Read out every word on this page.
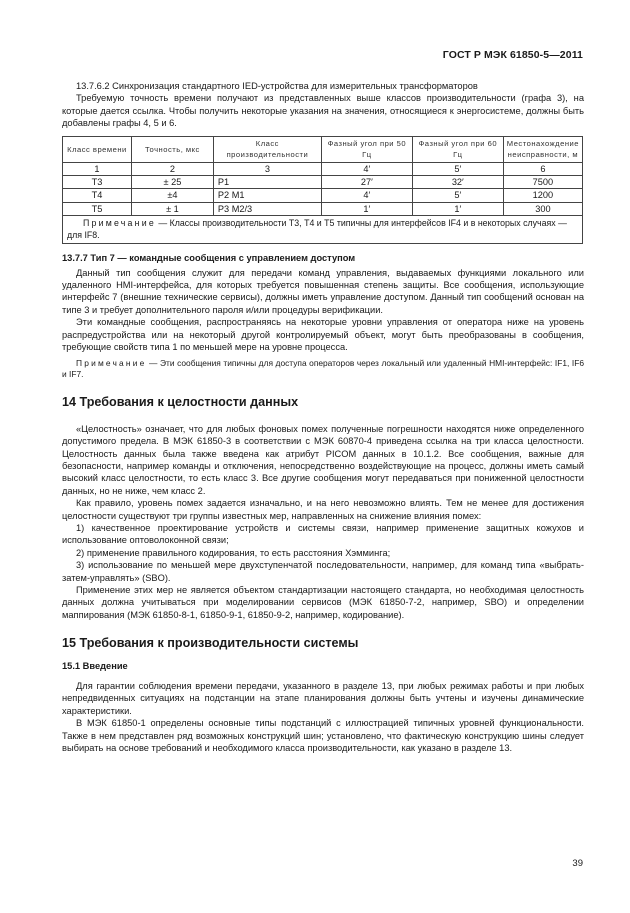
ГОСТ Р МЭК 61850-5—2011

13.7.6.2 Синхронизация стандартного IED-устройства для измерительных трансформаторов

Требуемую точность времени получают из представленных выше классов производительности (графа 3), на которые дается ссылка. Чтобы получить некоторые указания на значения, относящиеся к энергосистеме, должны быть добавлены графы 4, 5 и 6.

Класс времени	Точность, мкс	Класс производительности	Фазный угол при 50 Гц	Фазный угол при 60 Гц	Местонахождение неисправности, м
1	2	3	4′	5′	6
T3	± 25	P1	27′	32′	7500
T4	±4	P2 M1	4′	5′	1200
T5	± 1	P3 M2/3	1′	1′	300
Примечание — Классы производительности Т3, Т4 и Т5 типичны для интерфейсов IF4 и в некоторых случаях — для IF8.					

13.7.7 Тип 7 — командные сообщения с управлением доступом

Данный тип сообщения служит для передачи команд управления, выдаваемых функциями локального или удаленного HMI-интерфейса, для которых требуется повышенная степень защиты. Все сообщения, использующие интерфейс 7 (внешние технические сервисы), должны иметь управление доступом. Данный тип сообщений основан на типе 3 и требует дополнительного пароля и/или процедуры верификации.

Эти командные сообщения, распространяясь на некоторые уровни управления от оператора ниже на уровень распредустройства или на некоторый другой контролируемый объект, могут быть преобразованы в сообщения, требующие свойств типа 1 по меньшей мере на уровне процесса.

Примечание — Эти сообщения типичны для доступа операторов через локальный или удаленный HMI-интерфейс: IF1, IF6 и IF7.

14 Требования к целостности данных

«Целостность» означает, что для любых фоновых помех полученные погрешности находятся ниже определенного допустимого предела. В МЭК 61850-3 в соответствии с МЭК 60870-4 приведена ссылка на три класса целостности. Целостность данных была также введена как атрибут PICOM данных в 10.1.2. Все сообщения, важные для безопасности, например команды и отключения, непосредственно воздействующие на процесс, должны иметь самый высокий класс целостности, то есть класс 3. Все другие сообщения могут передаваться при пониженной целостности данных, но не ниже, чем класс 2.

Как правило, уровень помех задается изначально, и на него невозможно влиять. Тем не менее для достижения целостности существуют три группы известных мер, направленных на снижение влияния помех:

1) качественное проектирование устройств и системы связи, например применение защитных кожухов и использование оптоволоконной связи;

2) применение правильного кодирования, то есть расстояния Хэмминга;

3) использование по меньшей мере двухступенчатой последовательности, например, для команд типа «выбрать-затем-управлять» (SBO).

Применение этих мер не является объектом стандартизации настоящего стандарта, но необходимая целостность данных должна учитываться при моделировании сервисов (МЭК 61850-7-2, например, SBO) и определении маппирования (МЭК 61850-8-1, 61850-9-1, 61850-9-2, например, кодирование).

15 Требования к производительности системы

15.1 Введение

Для гарантии соблюдения времени передачи, указанного в разделе 13, при любых режимах работы и при любых непредвиденных ситуациях на подстанции на этапе планирования должны быть учтены и изучены динамические характеристики.

В МЭК 61850-1 определены основные типы подстанций с иллюстрацией типичных уровней функциональности. Также в нем представлен ряд возможных конструкций шин; установлено, что фактическую конструкцию шины следует выбирать на основе требований и необходимого класса производительности, как указано в разделе 13.

39
